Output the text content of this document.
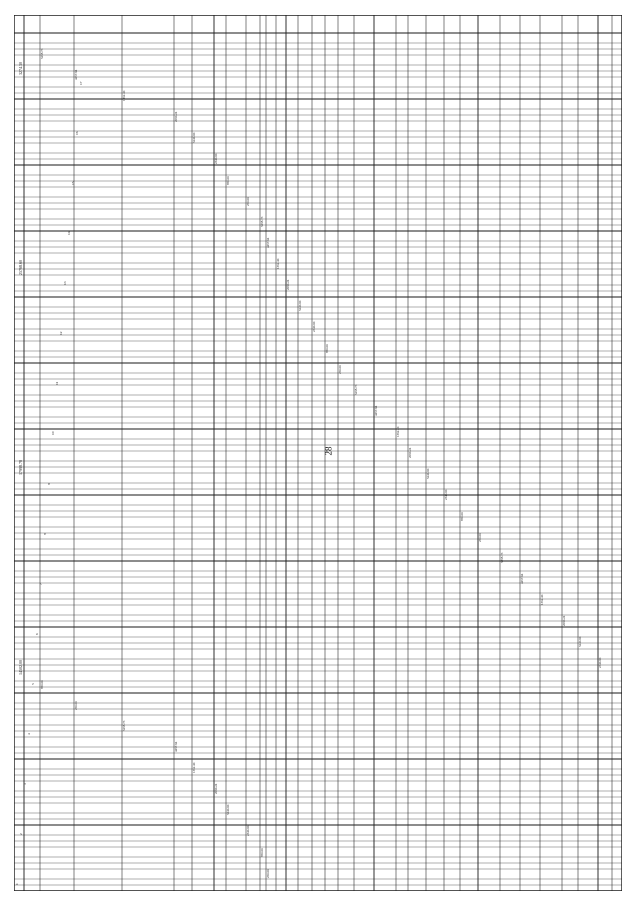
28
1
2
3
4
5
6
7
8
9
10
11
12
13
14
15
16
17
5268.73
4457.94
1362.40
2060.24
5240.00
2340.00
850.00
260.00
5268.73
4457.94
1362.40
2060.24
5240.00
2340.00
850.00
260.00
5268.73
4457.94
1362.40
2060.24
5240.00
2340.00
850.00
260.00
5268.73
4457.94
1362.40
2060.24
5240.00
2340.00
850.00
260.00
5268.73
4457.94
1362.40
2060.24
5240.00
2340.00
850.00
260.00
3274.30
25768.60
17998.78
14502.00
